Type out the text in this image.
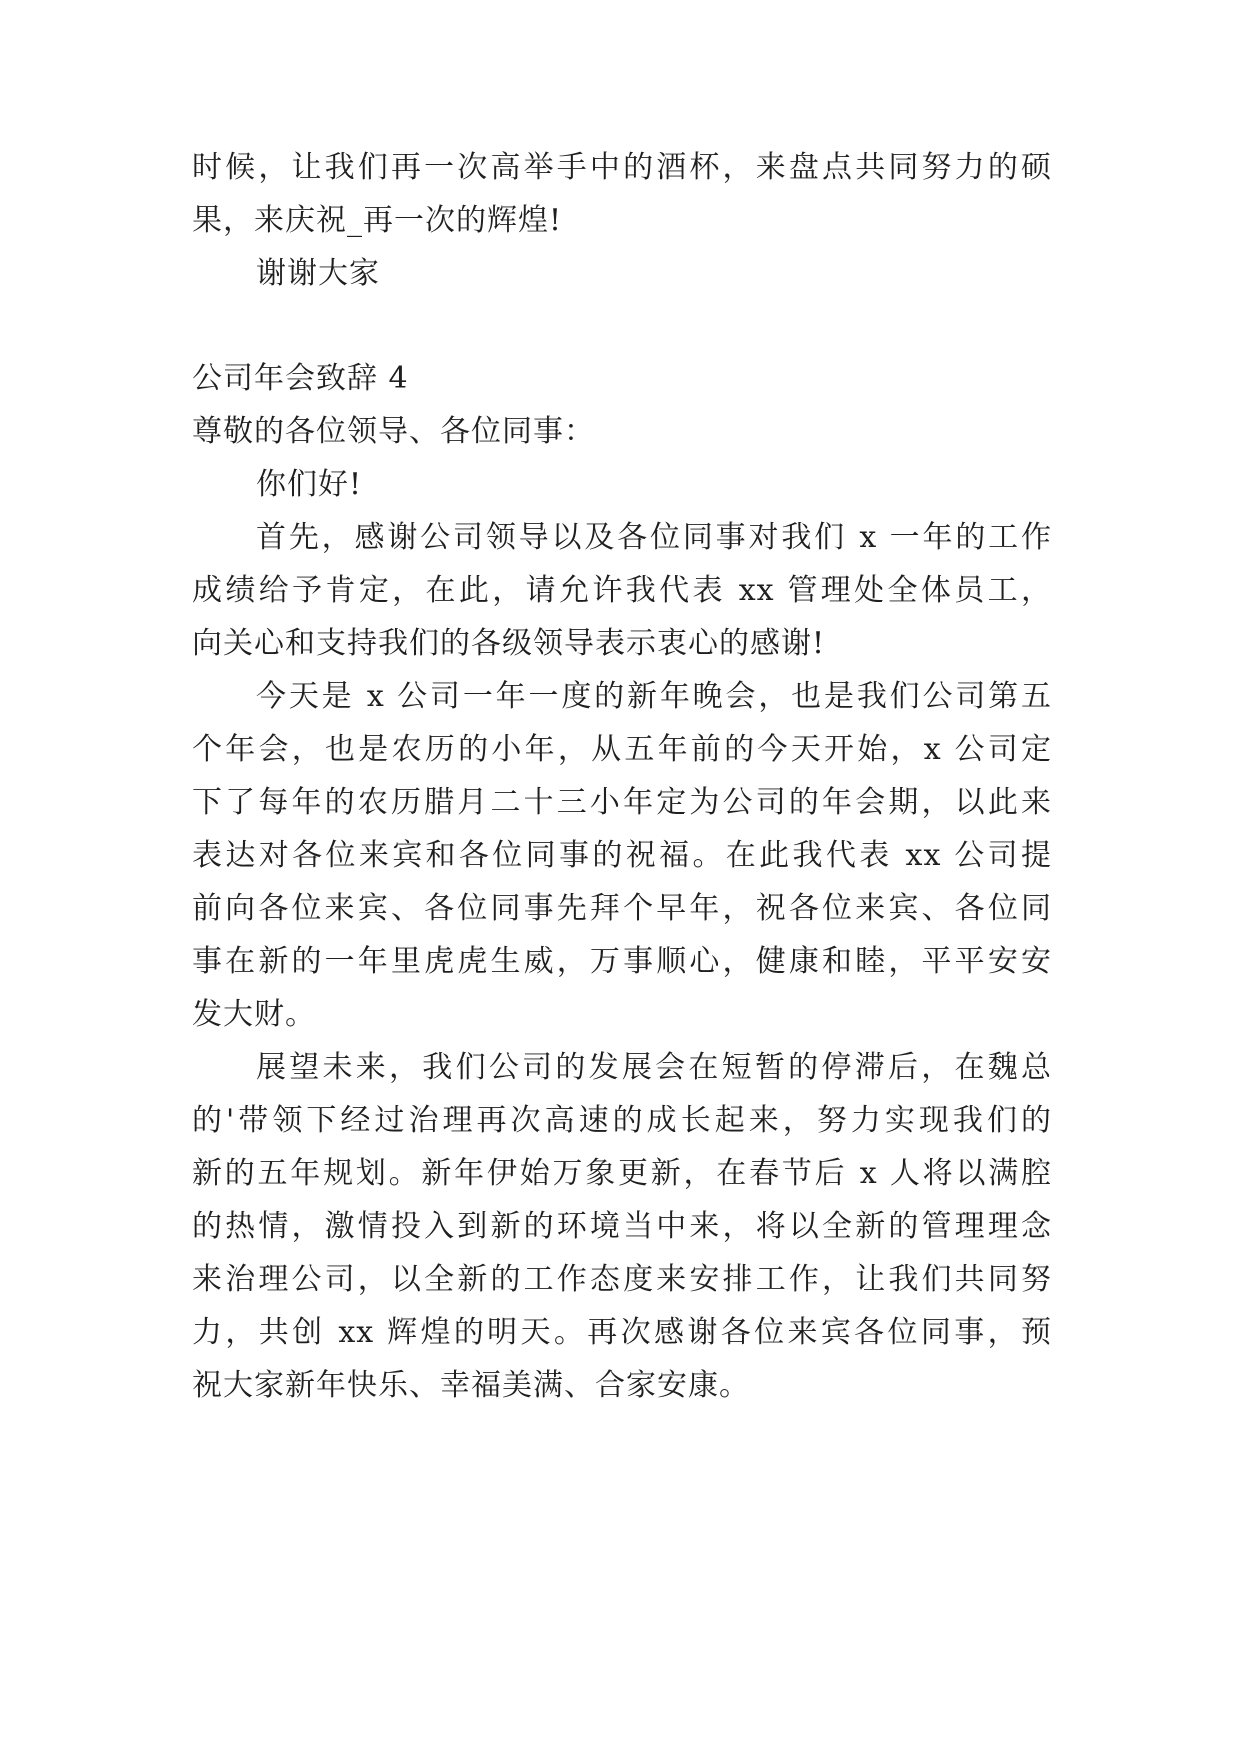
时候，让我们再一次高举手中的酒杯，来盘点共同努力的硕
果，来庆祝_再一次的辉煌!
谢谢大家
公司年会致辞 4
尊敬的各位领导、各位同事：
你们好!
首先，感谢公司领导以及各位同事对我们 x 一年的工作
成绩给予肯定，在此，请允许我代表 xx 管理处全体员工，
向关心和支持我们的各级领导表示衷心的感谢!
今天是 x 公司一年一度的新年晚会，也是我们公司第五
个年会，也是农历的小年，从五年前的今天开始，x 公司定
下了每年的农历腊月二十三小年定为公司的年会期，以此来
表达对各位来宾和各位同事的祝福。在此我代表 xx 公司提
前向各位来宾、各位同事先拜个早年，祝各位来宾、各位同
事在新的一年里虎虎生威，万事顺心，健康和睦，平平安安
发大财。
展望未来，我们公司的发展会在短暂的停滞后，在魏总
的'带领下经过治理再次高速的成长起来，努力实现我们的
新的五年规划。新年伊始万象更新，在春节后 x 人将以满腔
的热情，激情投入到新的环境当中来，将以全新的管理理念
来治理公司，以全新的工作态度来安排工作，让我们共同努
力，共创 xx 辉煌的明天。再次感谢各位来宾各位同事，预
祝大家新年快乐、幸福美满、合家安康。
